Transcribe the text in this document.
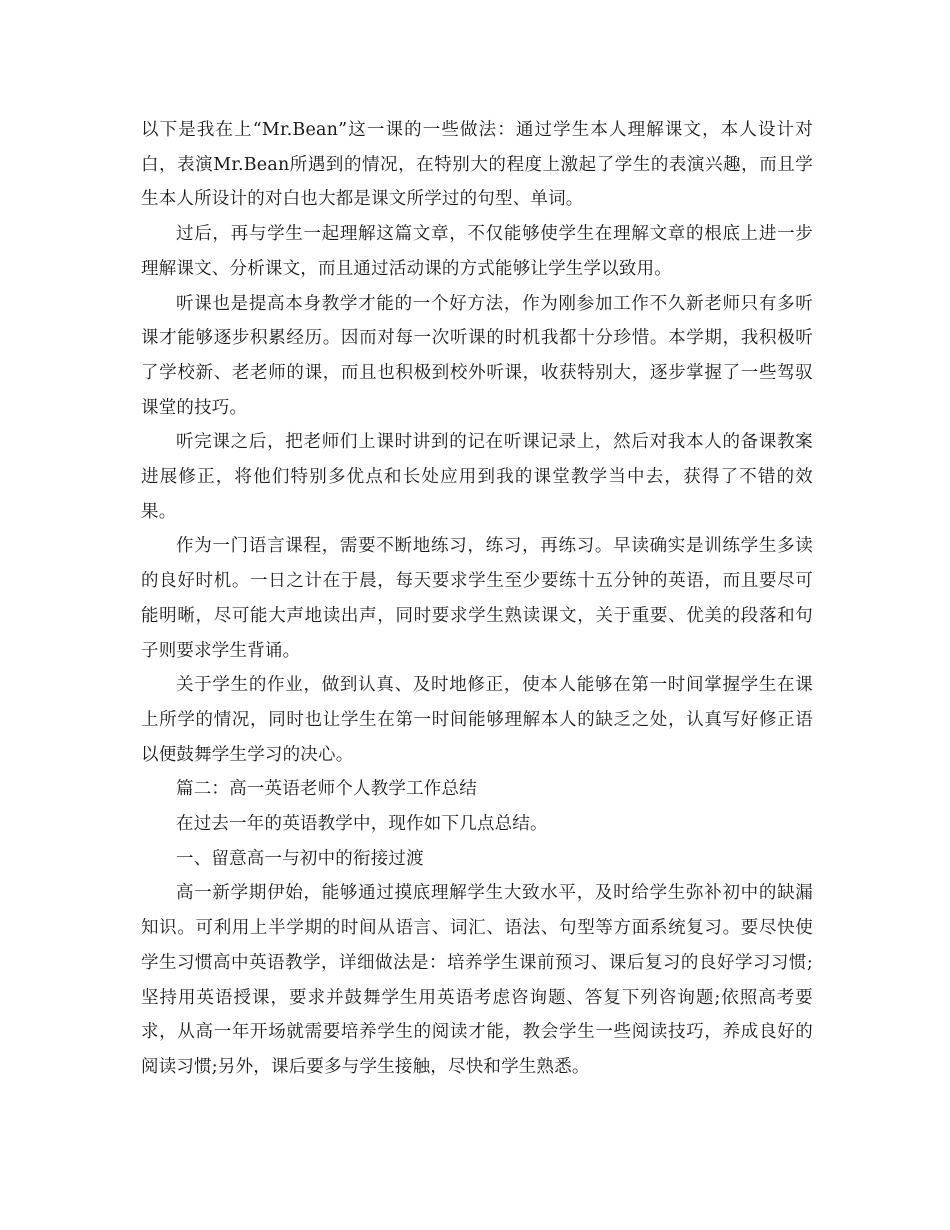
以下是我在上“Mr.Bean”这一课的一些做法：通过学生本人理解课文，本人设计对白，表演Mr.Bean所遇到的情况，在特别大的程度上激起了学生的表演兴趣，而且学生本人所设计的对白也大都是课文所学过的句型、单词。

过后，再与学生一起理解这篇文章，不仅能够使学生在理解文章的根底上进一步理解课文、分析课文，而且通过活动课的方式能够让学生学以致用。

听课也是提高本身教学才能的一个好方法，作为刚参加工作不久新老师只有多听课才能够逐步积累经历。因而对每一次听课的时机我都十分珍惜。本学期，我积极听了学校新、老老师的课，而且也积极到校外听课，收获特别大，逐步掌握了一些驾驭课堂的技巧。

听完课之后，把老师们上课时讲到的记在听课记录上，然后对我本人的备课教案进展修正，将他们特别多优点和长处应用到我的课堂教学当中去，获得了不错的效果。

作为一门语言课程，需要不断地练习，练习，再练习。早读确实是训练学生多读的良好时机。一日之计在于晨，每天要求学生至少要练十五分钟的英语，而且要尽可能明晰，尽可能大声地读出声，同时要求学生熟读课文，关于重要、优美的段落和句子则要求学生背诵。

关于学生的作业，做到认真、及时地修正，使本人能够在第一时间掌握学生在课上所学的情况，同时也让学生在第一时间能够理解本人的缺乏之处，认真写好修正语以便鼓舞学生学习的决心。

篇二：高一英语老师个人教学工作总结

在过去一年的英语教学中，现作如下几点总结。

一、留意高一与初中的衔接过渡

高一新学期伊始，能够通过摸底理解学生大致水平，及时给学生弥补初中的缺漏知识。可利用上半学期的时间从语言、词汇、语法、句型等方面系统复习。要尽快使学生习惯高中英语教学，详细做法是：培养学生课前预习、课后复习的良好学习习惯;坚持用英语授课，要求并鼓舞学生用英语考虑咨询题、答复下列咨询题;依照高考要求，从高一年开场就需要培养学生的阅读才能，教会学生一些阅读技巧，养成良好的阅读习惯;另外，课后要多与学生接触，尽快和学生熟悉。
